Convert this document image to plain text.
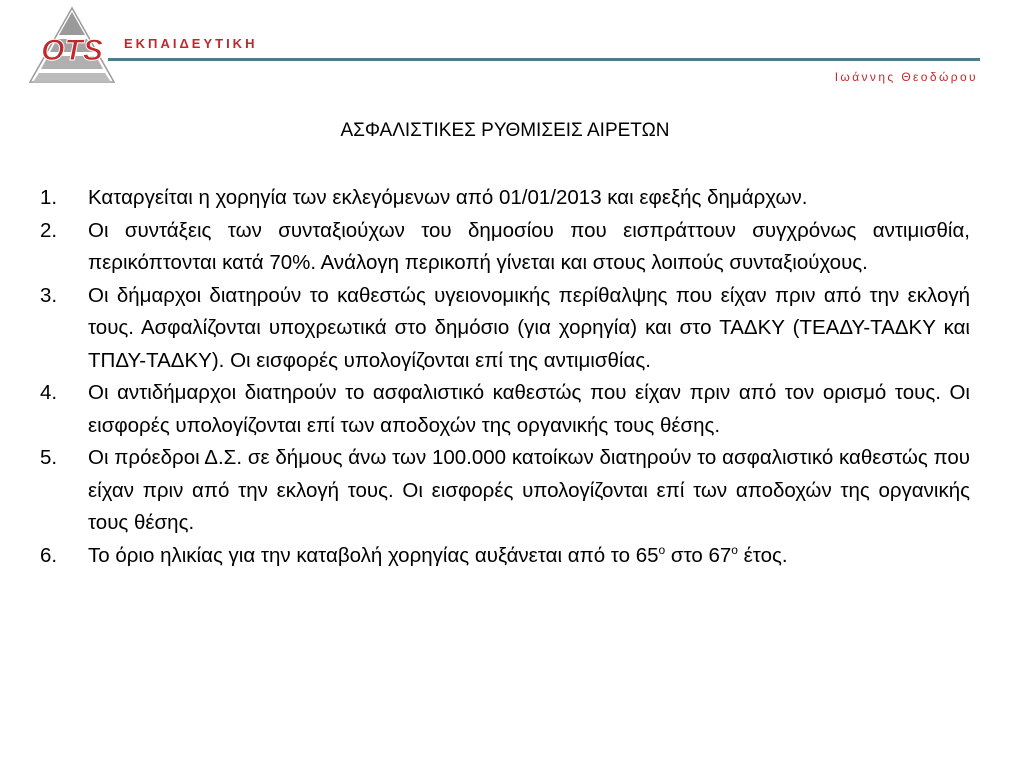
OTS ΕΚΠΑΙΔΕΥΤΙΚΗ
Ιωάννης Θεοδώρου
ΑΣΦΑΛΙΣΤΙΚΕΣ ΡΥΘΜΙΣΕΙΣ ΑΙΡΕΤΩΝ
1.	Καταργείται η χορηγία των εκλεγόμενων από 01/01/2013 και εφεξής δημάρχων.
2.	Οι συντάξεις των συνταξιούχων του δημοσίου που εισπράττουν συγχρόνως αντιμισθία, περικόπτονται κατά 70%. Ανάλογη περικοπή γίνεται και στους λοιπούς συνταξιούχους.
3.	Οι δήμαρχοι διατηρούν το καθεστώς υγειονομικής περίθαλψης που είχαν πριν από την εκλογή τους. Ασφαλίζονται υποχρεωτικά στο δημόσιο (για χορηγία) και στο ΤΑΔΚΥ (ΤΕΑΔΥ-ΤΑΔΚΥ και ΤΠΔΥ-ΤΑΔΚΥ). Οι εισφορές υπολογίζονται επί της αντιμισθίας.
4.	Οι αντιδήμαρχοι διατηρούν το ασφαλιστικό καθεστώς που είχαν πριν από τον ορισμό τους. Οι εισφορές υπολογίζονται επί των αποδοχών της οργανικής τους θέσης.
5.	Οι πρόεδροι Δ.Σ. σε δήμους άνω των 100.000 κατοίκων διατηρούν το ασφαλιστικό καθεστώς που είχαν πριν από την εκλογή τους. Οι εισφορές υπολογίζονται επί των αποδοχών της οργανικής τους θέσης.
6.	Το όριο ηλικίας για την καταβολή χορηγίας αυξάνεται από το $65^o$ στο $67^o$ έτος.
